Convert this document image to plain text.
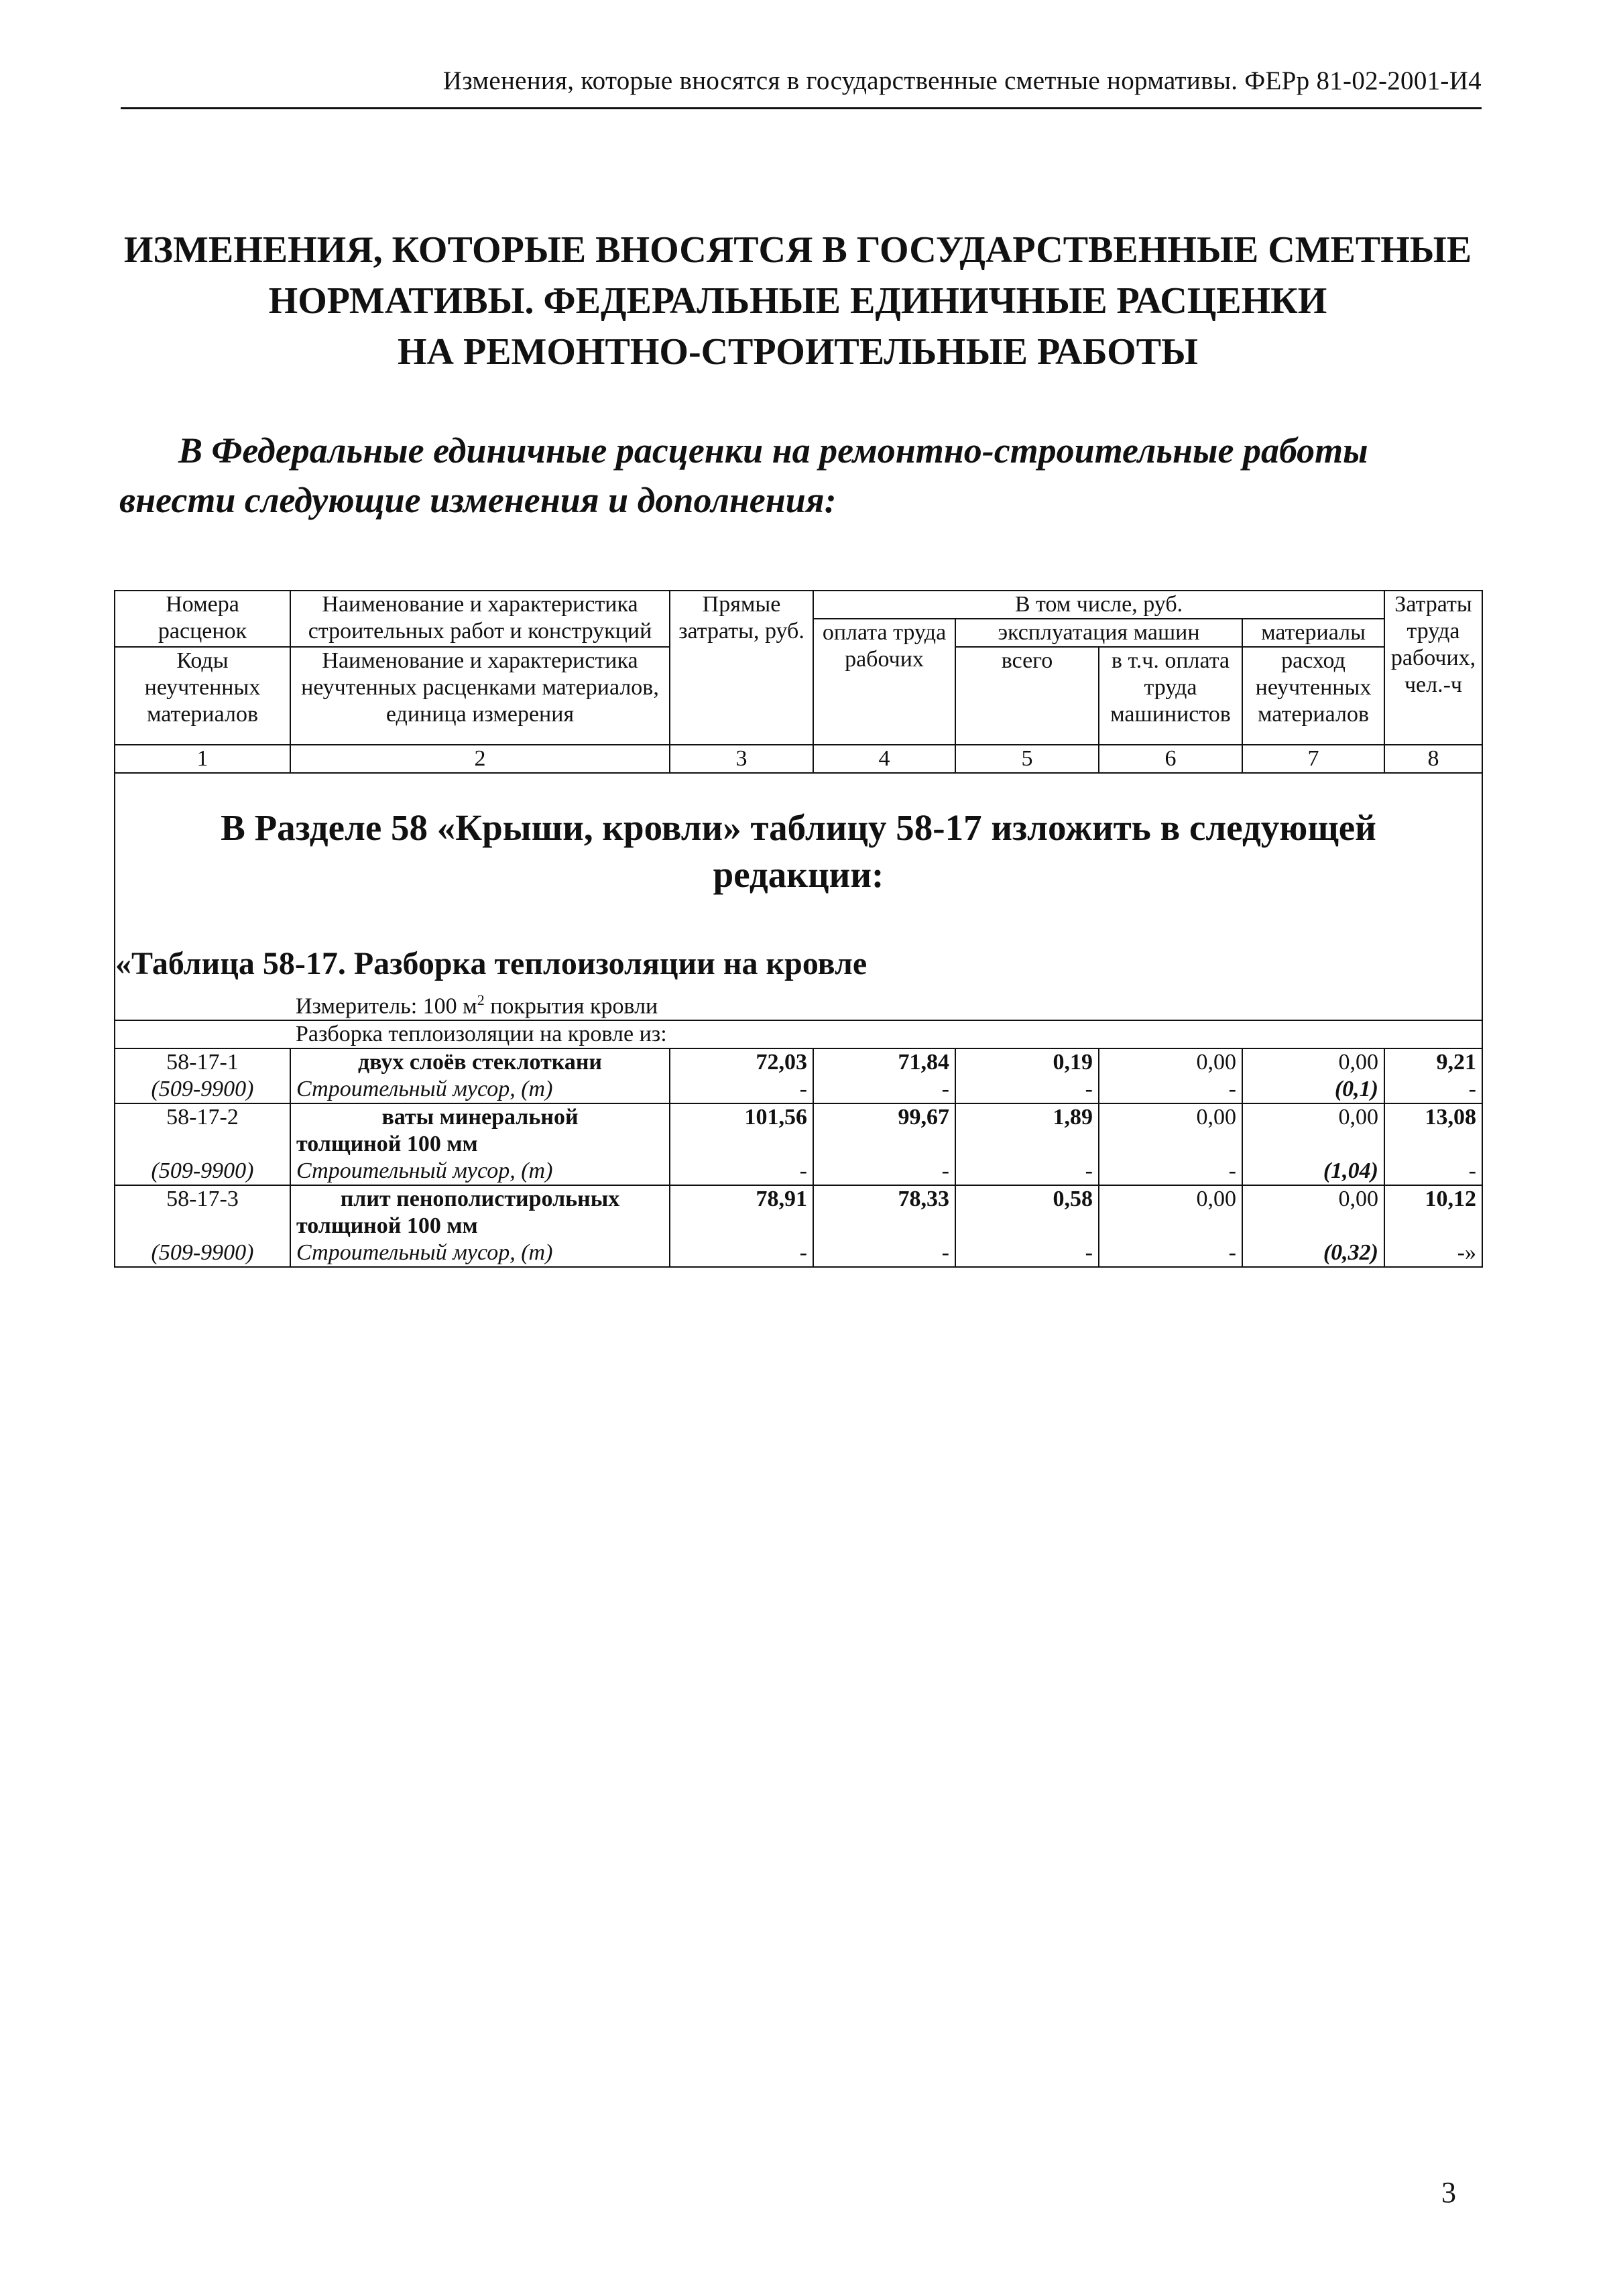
Изменения, которые вносятся в государственные сметные нормативы. ФЕРр 81-02-2001-И4
ИЗМЕНЕНИЯ, КОТОРЫЕ ВНОСЯТСЯ В ГОСУДАРСТВЕННЫЕ СМЕТНЫЕ
НОРМАТИВЫ. ФЕДЕРАЛЬНЫЕ ЕДИНИЧНЫЕ РАСЦЕНКИ
НА РЕМОНТНО-СТРОИТЕЛЬНЫЕ РАБОТЫ
В Федеральные единичные расценки на ремонтно-строительные работы
внести следующие изменения и дополнения:
Номера расценок	Наименование и характеристика строительных работ и конструкций	Прямые затраты, руб.	В том числе, руб.				Затраты труда рабочих, чел.-ч
			оплата труда рабочих	эксплуатация машин		материалы	
Коды неучтенных материалов	Наименование и характеристика неучтенных расценками материалов, единица измерения			всего	в т.ч. оплата труда машинистов	расход неучтенных материалов	

1	2	3	4	5	6	7	8
В Разделе 58 «Крыши, кровли» таблицу 58-17 изложить в следующей
редакции:							
«Таблица 58-17. Разборка теплоизоляции на кровле							
	Измеритель: 100 $м^2$ покрытия кровли						
	Разборка теплоизоляции на кровле из:						
58-17-1	двух слоёв стеклоткани	72,03	71,84	0,19	0,00	0,00	9,21
(509-9900)	Строительный мусор, (т)	-	-	-	-	(0,1)	-
58-17-2	ваты минеральной
толщиной 100 мм	101,56	99,67	1,89	0,00	0,00	13,08
(509-9900)	Строительный мусор, (т)	-	-	-	-	(1,04)	-
58-17-3	плит пенополистирольных
толщиной 100 мм	78,91	78,33	0,58	0,00	0,00	10,12
(509-9900)	Строительный мусор, (т)	-	-	-	-	(0,32)	-»
3
